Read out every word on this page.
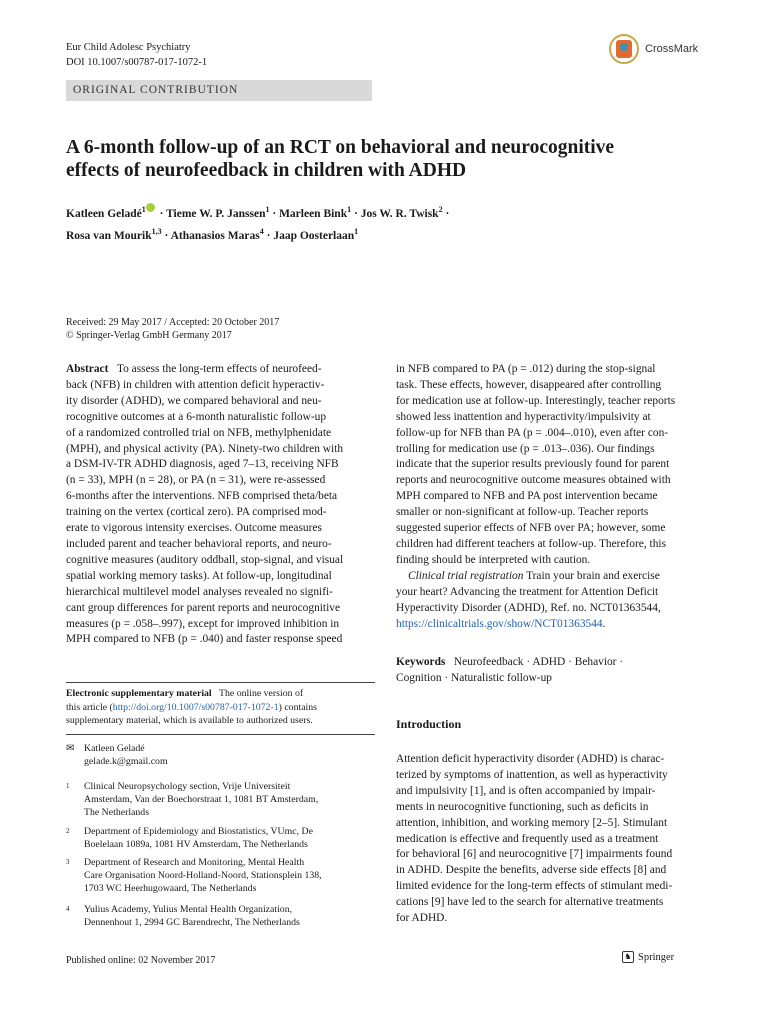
Eur Child Adolesc Psychiatry
DOI 10.1007/s00787-017-1072-1
CrossMark
ORIGINAL CONTRIBUTION
A 6-month follow-up of an RCT on behavioral and neurocognitive
effects of neurofeedback in children with ADHD
Katleen Geladé$^1$ · Tieme W. P. Janssen$^1$ · Marleen Bink$^1$ · Jos W. R. Twisk$^2$ ·
Rosa van Mourik$^{1,3}$ · Athanasios Maras$^4$ · Jaap Oosterlaan$^1$
Received: 29 May 2017 / Accepted: 20 October 2017
© Springer-Verlag GmbH Germany 2017
Abstract To assess the long-term effects of neurofeed-
back (NFB) in children with attention deficit hyperactiv-
ity disorder (ADHD), we compared behavioral and neu-
rocognitive outcomes at a 6-month naturalistic follow-up
of a randomized controlled trial on NFB, methylphenidate
(MPH), and physical activity (PA). Ninety-two children with
a DSM-IV-TR ADHD diagnosis, aged 7–13, receiving NFB
(n = 33), MPH (n = 28), or PA (n = 31), were re-assessed
6-months after the interventions. NFB comprised theta/beta
training on the vertex (cortical zero). PA comprised mod-
erate to vigorous intensity exercises. Outcome measures
included parent and teacher behavioral reports, and neuro-
cognitive measures (auditory oddball, stop-signal, and visual
spatial working memory tasks). At follow-up, longitudinal
hierarchical multilevel model analyses revealed no signifi-
cant group differences for parent reports and neurocognitive
measures (p = .058–.997), except for improved inhibition in
MPH compared to NFB (p = .040) and faster response speed
in NFB compared to PA (p = .012) during the stop-signal
task. These effects, however, disappeared after controlling
for medication use at follow-up. Interestingly, teacher reports
showed less inattention and hyperactivity/impulsivity at
follow-up for NFB than PA (p = .004–.010), even after con-
trolling for medication use (p = .013–.036). Our findings
indicate that the superior results previously found for parent
reports and neurocognitive outcome measures obtained with
MPH compared to NFB and PA post intervention became
smaller or non-significant at follow-up. Teacher reports
suggested superior effects of NFB over PA; however, some
children had different teachers at follow-up. Therefore, this
finding should be interpreted with caution.
Clinical trial registration Train your brain and exercise
your heart? Advancing the treatment for Attention Deficit
Hyperactivity Disorder (ADHD), Ref. no. NCT01363544,
https://clinicaltrials.gov/show/NCT01363544.
Keywords Neurofeedback · ADHD · Behavior ·
Cognition · Naturalistic follow-up
Electronic supplementary material The online version of
this article (http://doi.org/10.1007/s00787-017-1072-1) contains
supplementary material, which is available to authorized users.
✉ Katleen Geladé
gelade.k@gmail.com
1 Clinical Neuropsychology section, Vrije Universiteit
Amsterdam, Van der Boechorstraat 1, 1081 BT Amsterdam,
The Netherlands
2 Department of Epidemiology and Biostatistics, VUmc, De
Boelelaan 1089a, 1081 HV Amsterdam, The Netherlands
3 Department of Research and Monitoring, Mental Health
Care Organisation Noord-Holland-Noord, Stationsplein 138,
1703 WC Heerhugowaard, The Netherlands
4 Yulius Academy, Yulius Mental Health Organization,
Dennenhout 1, 2994 GC Barendrecht, The Netherlands
Introduction
Attention deficit hyperactivity disorder (ADHD) is charac-
terized by symptoms of inattention, as well as hyperactivity
and impulsivity [1], and is often accompanied by impair-
ments in neurocognitive functioning, such as deficits in
attention, inhibition, and working memory [2–5]. Stimulant
medication is effective and frequently used as a treatment
for behavioral [6] and neurocognitive [7] impairments found
in ADHD. Despite the benefits, adverse side effects [8] and
limited evidence for the long-term effects of stimulant medi-
cations [9] have led to the search for alternative treatments
for ADHD.
Published online: 02 November 2017	♞ Springer
